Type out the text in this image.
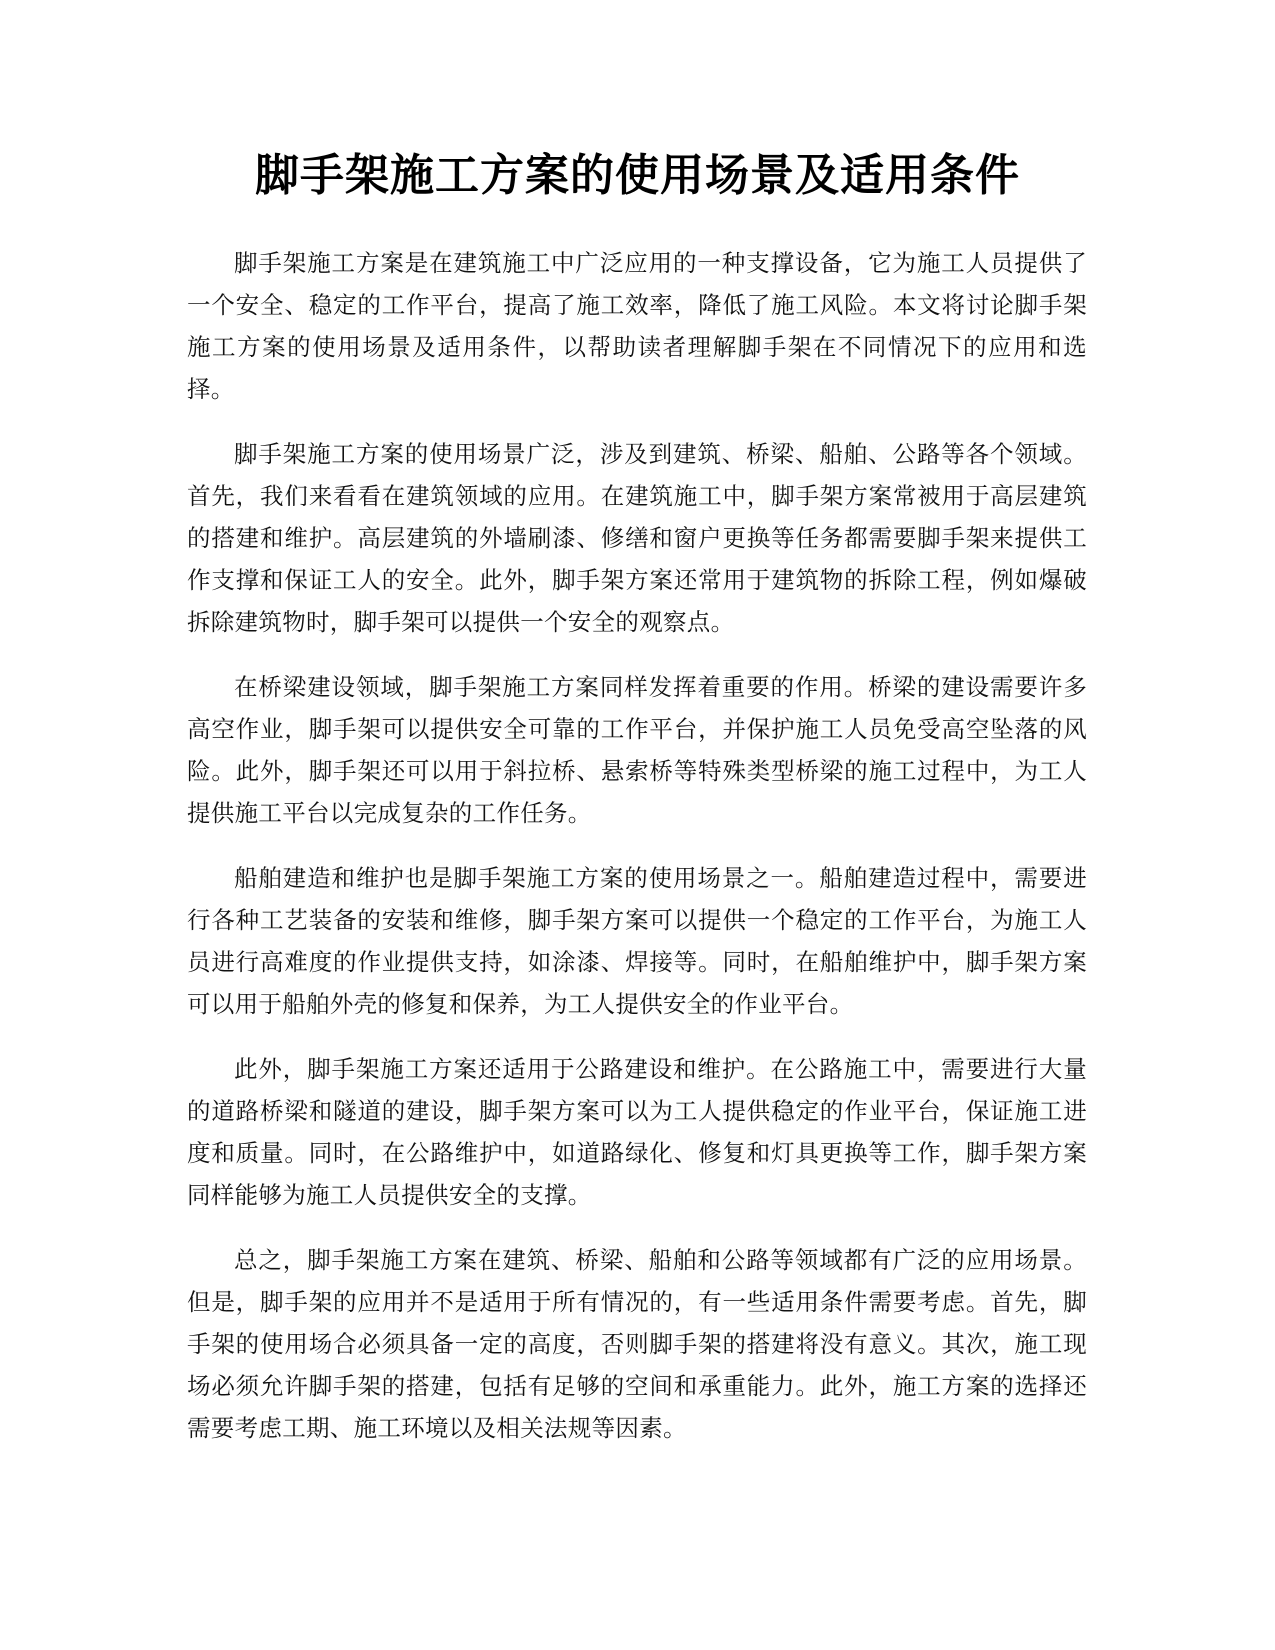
脚手架施工方案的使用场景及适用条件

脚手架施工方案是在建筑施工中广泛应用的一种支撑设备，它为施工人员提供了一个安全、稳定的工作平台，提高了施工效率，降低了施工风险。本文将讨论脚手架施工方案的使用场景及适用条件，以帮助读者理解脚手架在不同情况下的应用和选择。

脚手架施工方案的使用场景广泛，涉及到建筑、桥梁、船舶、公路等各个领域。首先，我们来看看在建筑领域的应用。在建筑施工中，脚手架方案常被用于高层建筑的搭建和维护。高层建筑的外墙刷漆、修缮和窗户更换等任务都需要脚手架来提供工作支撑和保证工人的安全。此外，脚手架方案还常用于建筑物的拆除工程，例如爆破拆除建筑物时，脚手架可以提供一个安全的观察点。

在桥梁建设领域，脚手架施工方案同样发挥着重要的作用。桥梁的建设需要许多高空作业，脚手架可以提供安全可靠的工作平台，并保护施工人员免受高空坠落的风险。此外，脚手架还可以用于斜拉桥、悬索桥等特殊类型桥梁的施工过程中，为工人提供施工平台以完成复杂的工作任务。

船舶建造和维护也是脚手架施工方案的使用场景之一。船舶建造过程中，需要进行各种工艺装备的安装和维修，脚手架方案可以提供一个稳定的工作平台，为施工人员进行高难度的作业提供支持，如涂漆、焊接等。同时，在船舶维护中，脚手架方案可以用于船舶外壳的修复和保养，为工人提供安全的作业平台。

此外，脚手架施工方案还适用于公路建设和维护。在公路施工中，需要进行大量的道路桥梁和隧道的建设，脚手架方案可以为工人提供稳定的作业平台，保证施工进度和质量。同时，在公路维护中，如道路绿化、修复和灯具更换等工作，脚手架方案同样能够为施工人员提供安全的支撑。

总之，脚手架施工方案在建筑、桥梁、船舶和公路等领域都有广泛的应用场景。但是，脚手架的应用并不是适用于所有情况的，有一些适用条件需要考虑。首先，脚手架的使用场合必须具备一定的高度，否则脚手架的搭建将没有意义。其次，施工现场必须允许脚手架的搭建，包括有足够的空间和承重能力。此外，施工方案的选择还需要考虑工期、施工环境以及相关法规等因素。
